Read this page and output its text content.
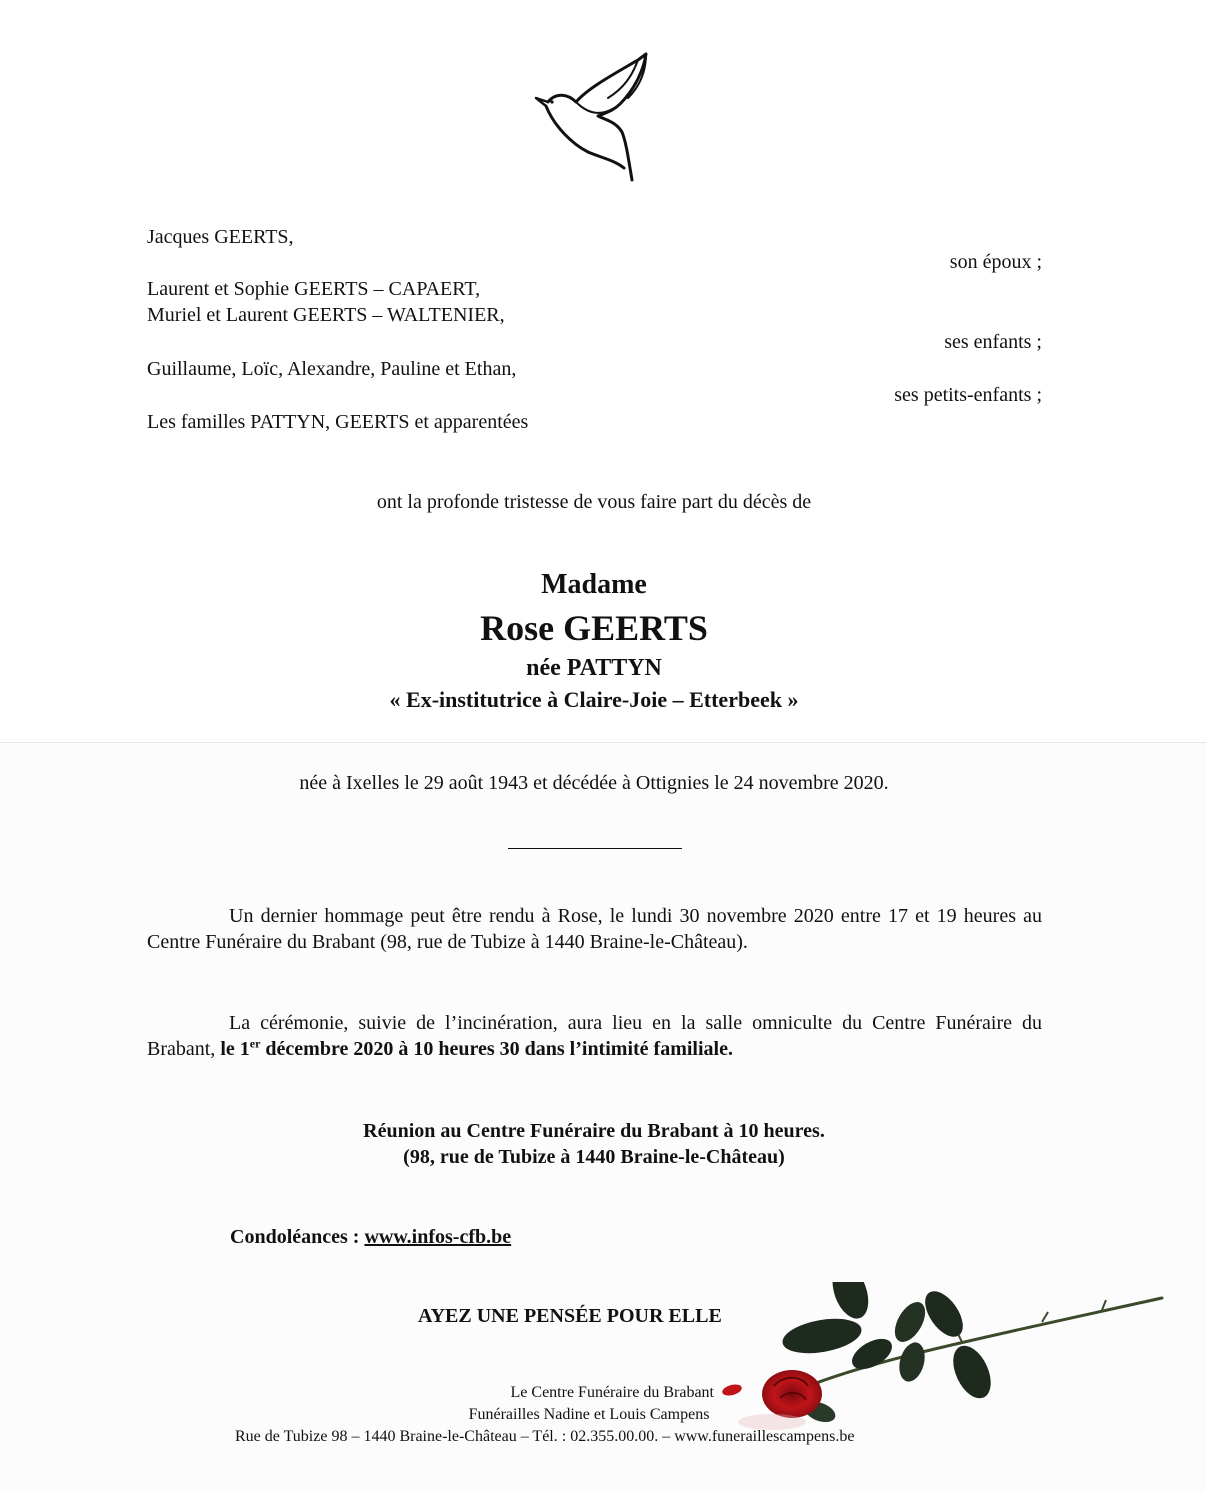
Jacques GEERTS,
son époux ;
Laurent et Sophie GEERTS – CAPAERT,
Muriel et Laurent GEERTS – WALTENIER,
ses enfants ;
Guillaume, Loïc, Alexandre, Pauline et Ethan,
ses petits-enfants ;
Les familles PATTYN, GEERTS et apparentées
ont la profonde tristesse de vous faire part du décès de
Madame
Rose GEERTS
née PATTYN
« Ex-institutrice à Claire-Joie – Etterbeek »
née à Ixelles le 29 août 1943 et décédée à Ottignies le 24 novembre 2020.

Un dernier hommage peut être rendu à Rose, le lundi 30 novembre 2020 entre 17 et 19 heures au Centre Funéraire du Brabant (98, rue de Tubize à 1440 Braine-le-Château).

La cérémonie, suivie de l’incinération, aura lieu en la salle omniculte du Centre Funéraire du Brabant, le 1er décembre 2020 à 10 heures 30 dans l’intimité familiale.

Réunion au Centre Funéraire du Brabant à 10 heures.
(98, rue de Tubize à 1440 Braine-le-Château)
Condoléances : www.infos-cfb.be
AYEZ UNE PENSÉE POUR ELLE
Le Centre Funéraire du Brabant
Funérailles Nadine et Louis Campens
Rue de Tubize 98 – 1440 Braine-le-Château – Tél. : 02.355.00.00. – www.funeraillescampens.be
